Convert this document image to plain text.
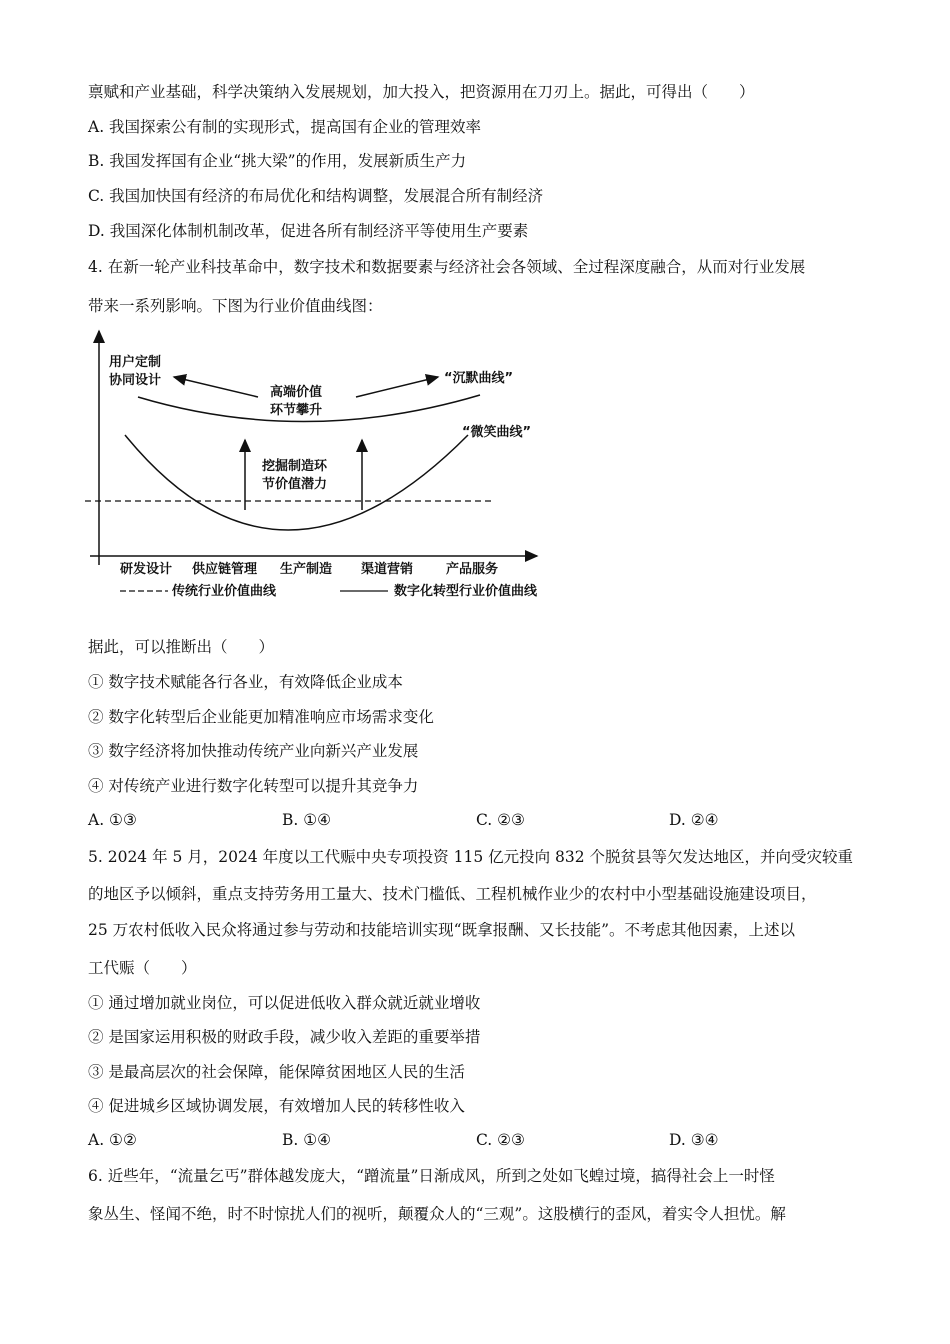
禀赋和产业基础，科学决策纳入发展规划，加大投入，把资源用在刀刃上。据此，可得出（　　）
A. 我国探索公有制的实现形式，提高国有企业的管理效率
B. 我国发挥国有企业“挑大梁”的作用，发展新质生产力
C. 我国加快国有经济的布局优化和结构调整，发展混合所有制经济
D. 我国深化体制机制改革，促进各所有制经济平等使用生产要素
4. 在新一轮产业科技革命中，数字技术和数据要素与经济社会各领域、全过程深度融合，从而对行业发展
带来一系列影响。下图为行业价值曲线图：
用户定制
协同设计
高端价值
环节攀升
“沉默曲线”
“微笑曲线”
挖掘制造环
节价值潜力
研发设计 供应链管理 生产制造 渠道营销	产品服务
传统行业价值曲线	数字化转型行业价值曲线
据此，可以推断出（　　）
① 数字技术赋能各行各业，有效降低企业成本
② 数字化转型后企业能更加精准响应市场需求变化
③ 数字经济将加快推动传统产业向新兴产业发展
④ 对传统产业进行数字化转型可以提升其竞争力
A. ①③	B. ①④	C. ②③	D. ②④
5. 2024 年 5 月，2024 年度以工代赈中央专项投资 115 亿元投向 832 个脱贫县等欠发达地区，并向受灾较重
的地区予以倾斜，重点支持劳务用工量大、技术门槛低、工程机械作业少的农村中小型基础设施建设项目，
25 万农村低收入民众将通过参与劳动和技能培训实现“既拿报酬、又长技能”。不考虑其他因素，上述以
工代赈（　　）
① 通过增加就业岗位，可以促进低收入群众就近就业增收
② 是国家运用积极的财政手段，减少收入差距的重要举措
③ 是最高层次的社会保障，能保障贫困地区人民的生活
④ 促进城乡区域协调发展，有效增加人民的转移性收入
A. ①②	B. ①④	C. ②③	D. ③④
6. 近些年，“流量乞丐”群体越发庞大，“蹭流量”日渐成风，所到之处如飞蝗过境，搞得社会上一时怪
象丛生、怪闻不绝，时不时惊扰人们的视听，颠覆众人的“三观”。这股横行的歪风，着实令人担忧。解
